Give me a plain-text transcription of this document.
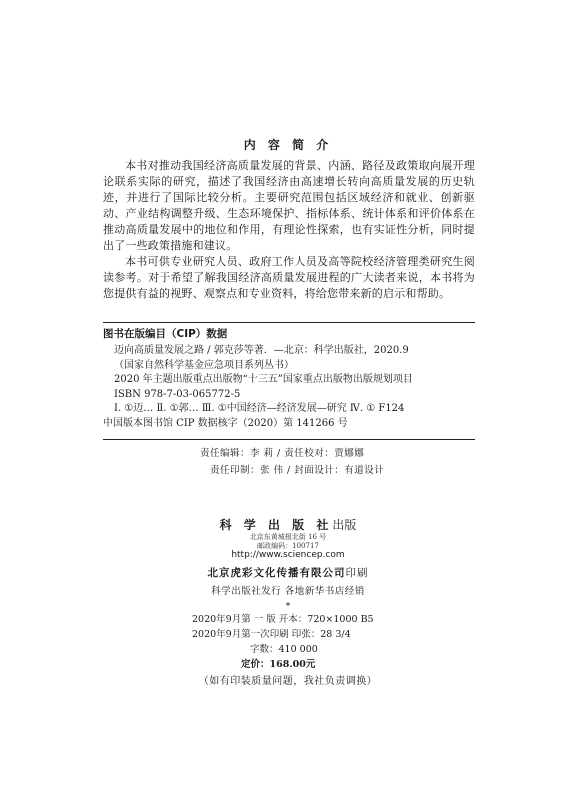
内 容 简 介

本书对推动我国经济高质量发展的背景、内涵、路径及政策取向展开理论联系实际的研究，描述了我国经济由高速增长转向高质量发展的历史轨迹，并进行了国际比较分析。主要研究范围包括区域经济和就业、创新驱动、产业结构调整升级、生态环境保护、指标体系、统计体系和评价体系在推动高质量发展中的地位和作用，有理论性探索，也有实证性分析，同时提出了一些政策措施和建议。

本书可供专业研究人员、政府工作人员及高等院校经济管理类研究生阅读参考。对于希望了解我国经济高质量发展进程的广大读者来说，本书将为您提供有益的视野、观察点和专业资料，将给您带来新的启示和帮助。

图书在版编目（CIP）数据
迈向高质量发展之路 / 郭克莎等著．—北京：科学出版社，2020.9
（国家自然科学基金应急项目系列丛书）
2020 年主题出版重点出版物“十三五”国家重点出版物出版规划项目
ISBN 978-7-03-065772-5
Ⅰ. ①迈… Ⅱ. ①郭… Ⅲ. ①中国经济—经济发展—研究 Ⅳ. ① F124
中国版本图书馆 CIP 数据核字（2020）第 141266 号
责任编辑：李 莉 / 责任校对：贾娜娜
责任印制：张 伟 / 封面设计：有道设计
科 学 出 版 社出版
北京东黄城根北街 16 号
邮政编码：100717
http://www.sciencep.com
北京虎彩文化传播有限公司印刷
科学出版社发行 各地新华书店经销
*
2020年9月第 一 版 开本：720×1000 B5
2020年9月第一次印刷 印张：28 3/4
字数：410 000
定价：168.00元
（如有印装质量问题，我社负责调换）
